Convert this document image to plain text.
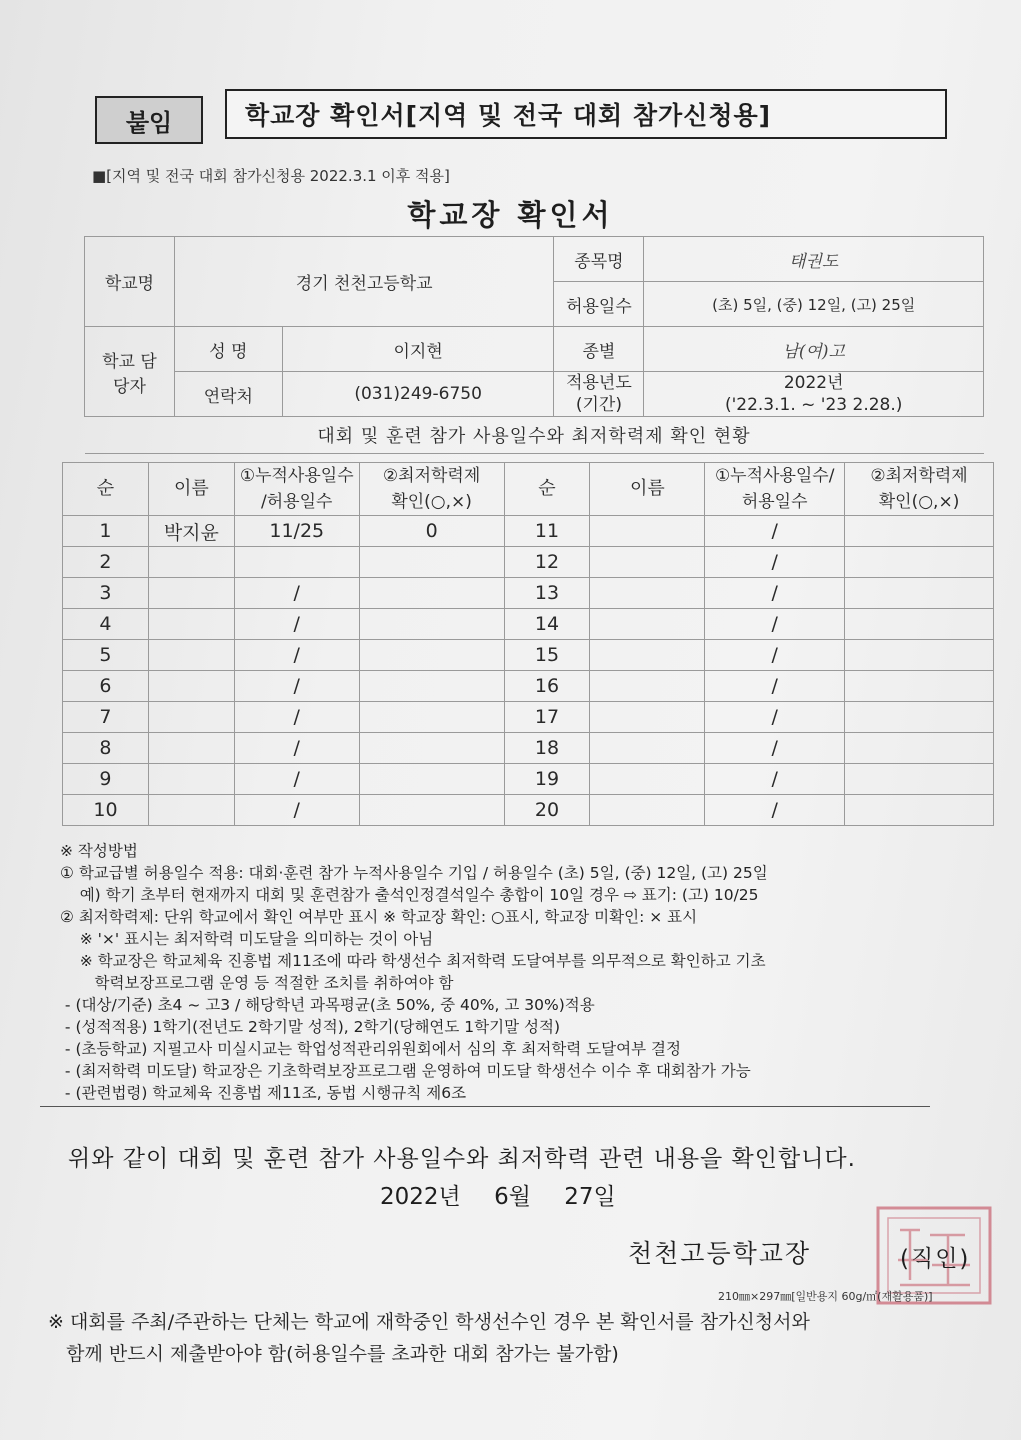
붙임	학교장 확인서[지역 및 전국 대회 참가신청용]
■[지역 및 전국 대회 참가신청용 2022.3.1 이후 적용]
학교장 확인서
학교명	경기 천천고등학교		종목명	태권도
			허용일수	(초) 5일, (중) 12일, (고) 25일
학교 담당자	성 명	이지현	종별	남(여)고
	연락처	(031)249-6750	적용년도 (기간)	2022년
('22.3.1. ~ '23 2.28.)

대회 및 훈련 참가 사용일수와 최저학력제 확인 현황				
순	이름	①누적사용일수	②최저학력제	순	이름	①누적사용일수/	②최저학력제
		/허용일수	확인(○,×)			허용일수	확인(○,×)
1	박지윤	11/25	0	11		/	
2				12		/	
3		/		13		/	
4		/		14		/	
5		/		15		/	
6		/		16		/	
7		/		17		/	
8		/		18		/	
9		/		19		/	
10		/		20		/	
※ 작성방법
① 학교급별 허용일수 적용: 대회·훈련 참가 누적사용일수 기입 / 허용일수 (초) 5일, (중) 12일, (고) 25일
예) 학기 초부터 현재까지 대회 및 훈련참가 출석인정결석일수 총합이 10일 경우 ⇨ 표기: (고) 10/25
② 최저학력제: 단위 학교에서 확인 여부만 표시 ※ 학교장 확인: ○표시, 학교장 미확인: × 표시
※ '×' 표시는 최저학력 미도달을 의미하는 것이 아님
※ 학교장은 학교체육 진흥법 제11조에 따라 학생선수 최저학력 도달여부를 의무적으로 확인하고 기초
학력보장프로그램 운영 등 적절한 조치를 취하여야 함
- (대상/기준) 초4 ~ 고3 / 해당학년 과목평균(초 50%, 중 40%, 고 30%)적용
- (성적적용) 1학기(전년도 2학기말 성적), 2학기(당해연도 1학기말 성적)
- (초등학교) 지필고사 미실시교는 학업성적관리위원회에서 심의 후 최저학력 도달여부 결정
- (최저학력 미도달) 학교장은 기초학력보장프로그램 운영하여 미도달 학생선수 이수 후 대회참가 가능
- (관련법령) 학교체육 진흥법 제11조, 동법 시행규칙 제6조
위와 같이 대회 및 훈련 참가 사용일수와 최저학력 관련 내용을 확인합니다.
2022년 6월 27일
천천고등학교장	(직인)
210㎜×297㎜[일반용지 60g/㎡(재활용품)]
※ 대회를 주최/주관하는 단체는 학교에 재학중인 학생선수인 경우 본 확인서를 참가신청서와
함께 반드시 제출받아야 함(허용일수를 초과한 대회 참가는 불가함)
